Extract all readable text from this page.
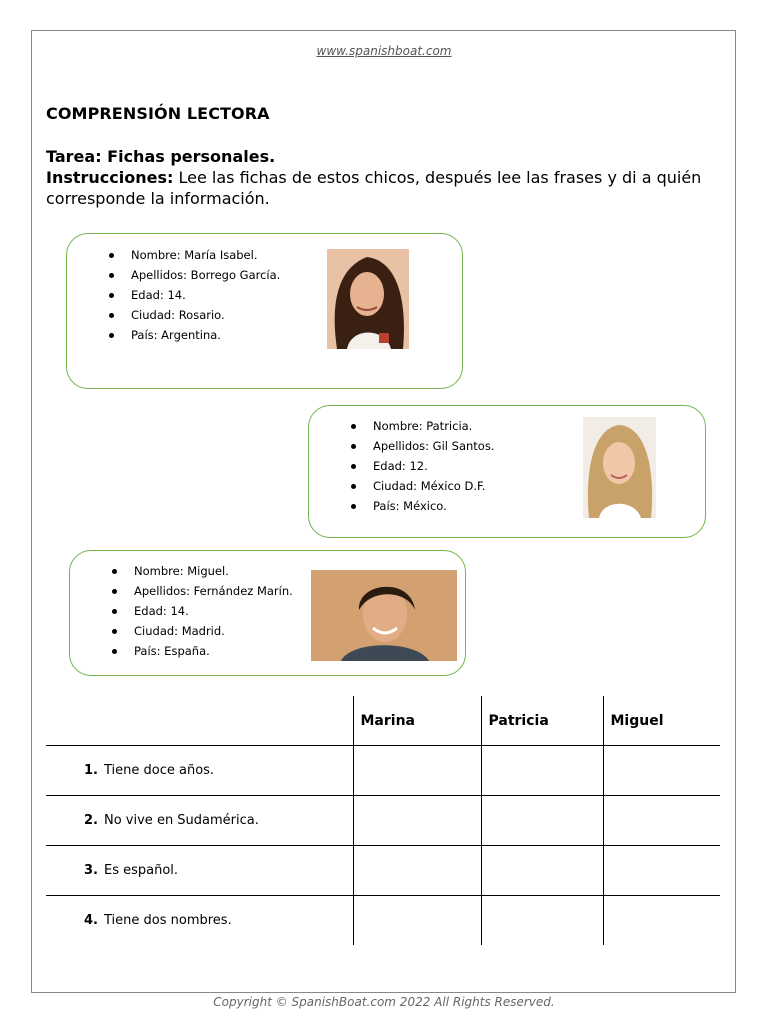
www.spanishboat.com
COMPRENSIÓN LECTORA
Tarea: Fichas personales.
Instrucciones: Lee las fichas de estos chicos, después lee las frases y di a quién corresponde la información.
Nombre: María Isabel.
Apellidos: Borrego García.
Edad: 14.
Ciudad: Rosario.
País: Argentina.
Nombre: Patricia.
Apellidos: Gil Santos.
Edad: 12.
Ciudad: México D.F.
País: México.
Nombre: Miguel.
Apellidos: Fernández Marín.
Edad: 14.
Ciudad: Madrid.
País: España.
	Marina	Patricia	Miguel
1. Tiene doce años.			
2. No vive en Sudamérica.			
3. Es español.			
4. Tiene dos nombres.			
Copyright © SpanishBoat.com 2022 All Rights Reserved.
